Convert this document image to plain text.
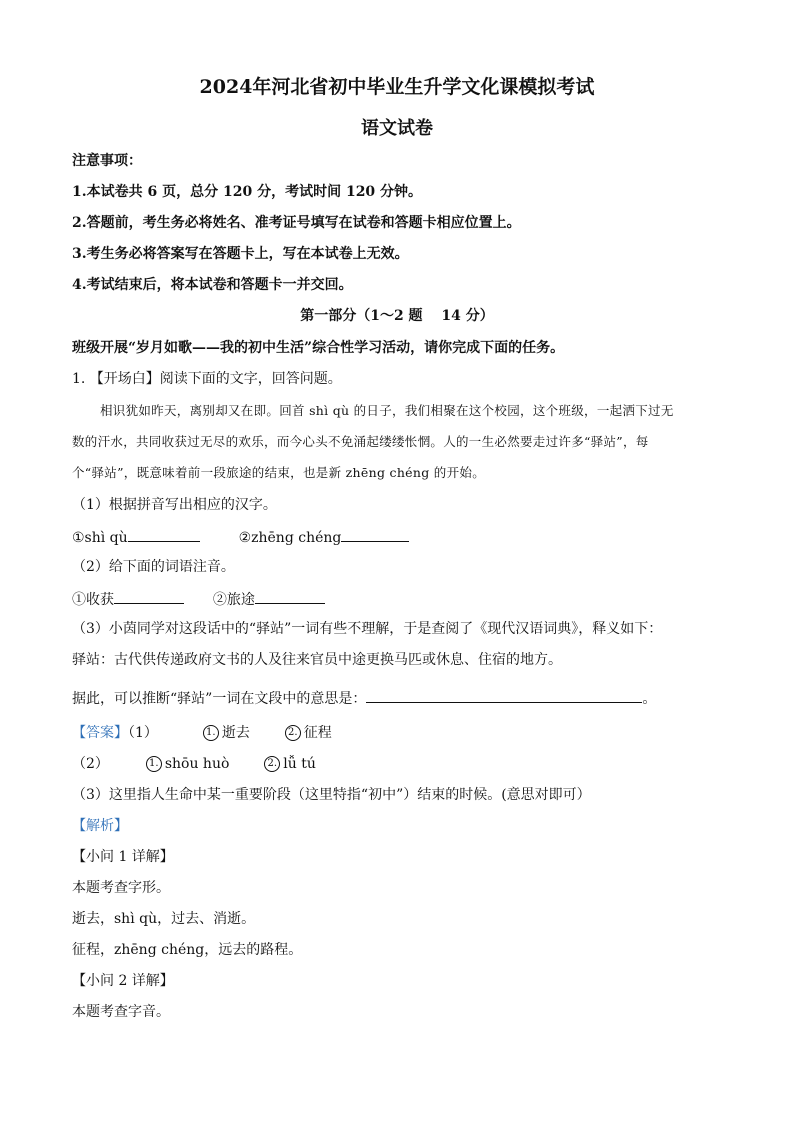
2024年河北省初中毕业生升学文化课模拟考试
语文试卷
注意事项：
1.本试卷共 6 页，总分 120 分，考试时间 120 分钟。
2.答题前，考生务必将姓名、准考证号填写在试卷和答题卡相应位置上。
3.考生务必将答案写在答题卡上，写在本试卷上无效。
4.考试结束后，将本试卷和答题卡一并交回。
第一部分（1～2 题　 14 分）
班级开展“岁月如歌——我的初中生活”综合性学习活动，请你完成下面的任务。
1. 【开场白】阅读下面的文字，回答问题。
相识犹如昨天，离别却又在即。回首 shì qù 的日子，我们相聚在这个校园，这个班级，一起洒下过无
数的汗水，共同收获过无尽的欢乐，而今心头不免涌起缕缕怅惘。人的一生必然要走过许多“驿站”，每
个“驿站”，既意味着前一段旅途的结束，也是新 zhēng chéng 的开始。
（1）根据拼音写出相应的汉字。
①shì qù	②zhēng chéng
（2）给下面的词语注音。
①收获	②旅途
（3）小茵同学对这段话中的“驿站”一词有些不理解，于是查阅了《现代汉语词典》，释义如下：
驿站：古代供传递政府文书的人及往来官员中途更换马匹或休息、住宿的地方。
据此，可以推断“驿站”一词在文段中的意思是：	。
【答案】（1）	1. 逝去	2. 征程
（2）	1. shōu huò	2. lǚ tú
（3）这里指人生命中某一重要阶段（这里特指“初中”）结束的时候。(意思对即可）
【解析】
【小问 1 详解】
本题考查字形。
逝去，shì qù，过去、消逝。
征程，zhēng chéng，远去的路程。
【小问 2 详解】
本题考查字音。
